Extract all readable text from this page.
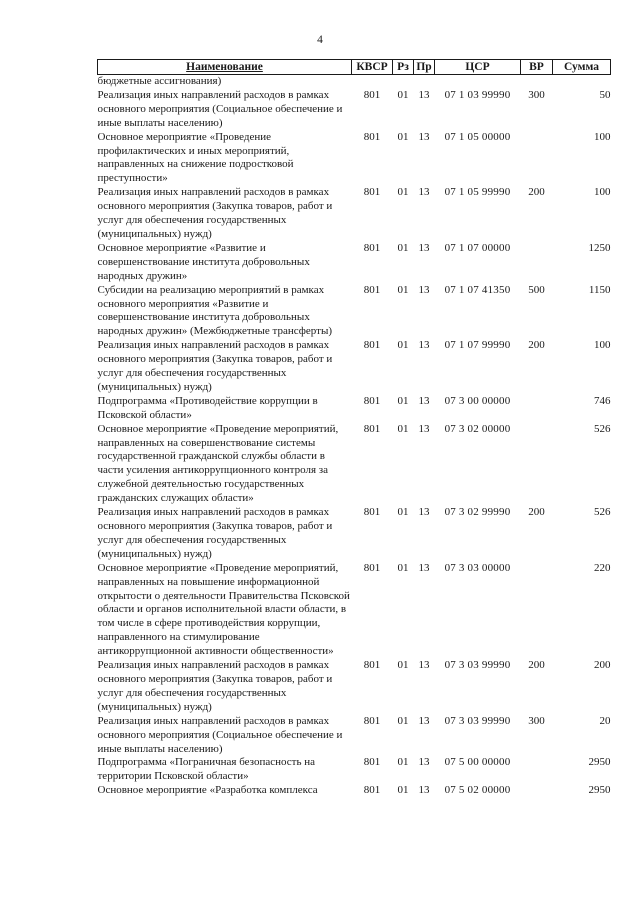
4
Наименование	КВСР	Рз	Пр	ЦСР	ВР	Сумма
бюджетные ассигнования)						
Реализация иных направлений расходов в рамках основного мероприятия (Социальное обеспечение и иные выплаты населению)	801	01	13	07 1 03 99990	300	50
Основное мероприятие «Проведение профилактических и иных мероприятий, направленных на снижение подростковой преступности»	801	01	13	07 1 05 00000		100
Реализация иных направлений расходов в рамках основного мероприятия (Закупка товаров, работ и услуг для обеспечения государственных (муниципальных) нужд)	801	01	13	07 1 05 99990	200	100
Основное мероприятие «Развитие и совершенствование института добровольных народных дружин»	801	01	13	07 1 07 00000		1250
Субсидии на реализацию мероприятий в рамках основного мероприятия «Развитие и совершенствование института добровольных народных дружин» (Межбюджетные трансферты)	801	01	13	07 1 07 41350	500	1150
Реализация иных направлений расходов в рамках основного мероприятия (Закупка товаров, работ и услуг для обеспечения государственных (муниципальных) нужд)	801	01	13	07 1 07 99990	200	100
Подпрограмма «Противодействие коррупции в Псковской области»	801	01	13	07 3 00 00000		746
Основное мероприятие «Проведение мероприятий, направленных на совершенствование системы государственной гражданской службы области в части усиления антикоррупционного контроля за служебной деятельностью государственных гражданских служащих области»	801	01	13	07 3 02 00000		526
Реализация иных направлений расходов в рамках основного мероприятия (Закупка товаров, работ и услуг для обеспечения государственных (муниципальных) нужд)	801	01	13	07 3 02 99990	200	526
Основное мероприятие «Проведение мероприятий, направленных на повышение информационной открытости о деятельности Правительства Псковской области и органов исполнительной власти области, в том числе в сфере противодействия коррупции, направленного на стимулирование антикоррупционной активности общественности»	801	01	13	07 3 03 00000		220
Реализация иных направлений расходов в рамках основного мероприятия (Закупка товаров, работ и услуг для обеспечения государственных (муниципальных) нужд)	801	01	13	07 3 03 99990	200	200
Реализация иных направлений расходов в рамках основного мероприятия (Социальное обеспечение и иные выплаты населению)	801	01	13	07 3 03 99990	300	20
Подпрограмма «Пограничная безопасность на территории Псковской области»	801	01	13	07 5 00 00000		2950
Основное мероприятие «Разработка комплекса	801	01	13	07 5 02 00000		2950
